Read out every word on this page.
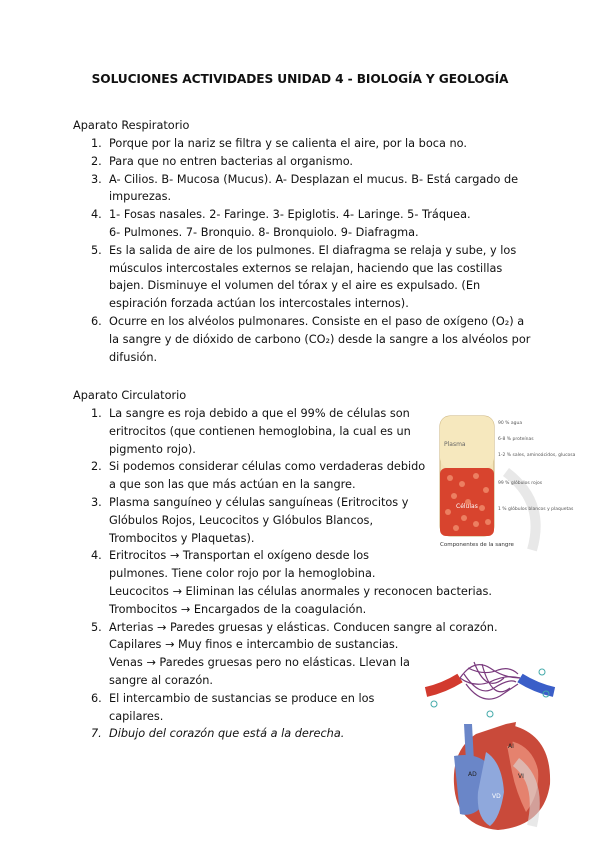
SOLUCIONES ACTIVIDADES UNIDAD 4 - BIOLOGÍA Y GEOLOGÍA
Aparato Respiratorio
1. Porque por la nariz se filtra y se calienta el aire, por la boca no.
2. Para que no entren bacterias al organismo.
3. A- Cilios. B- Mucosa (Mucus). A- Desplazan el mucus. B- Está cargado de
impurezas.
4. 1- Fosas nasales. 2- Faringe. 3- Epiglotis. 4- Laringe. 5- Tráquea.
6- Pulmones. 7- Bronquio. 8- Bronquiolo. 9- Diafragma.
5. Es la salida de aire de los pulmones. El diafragma se relaja y sube, y los
músculos intercostales externos se relajan, haciendo que las costillas
bajen. Disminuye el volumen del tórax y el aire es expulsado. (En
espiración forzada actúan los intercostales internos).
6. Ocurre en los alvéolos pulmonares. Consiste en el paso de oxígeno (O₂) a
la sangre y de dióxido de carbono (CO₂) desde la sangre a los alvéolos por
difusión.
Aparato Circulatorio
1. La sangre es roja debido a que el 99% de células son
eritrocitos (que contienen hemoglobina, la cual es un
pigmento rojo).
2. Si podemos considerar células como verdaderas debido
a que son las que más actúan en la sangre.
3. Plasma sanguíneo y células sanguíneas (Eritrocitos y
Glóbulos Rojos, Leucocitos y Glóbulos Blancos,
Trombocitos y Plaquetas).
4. Eritrocitos → Transportan el oxígeno desde los
pulmones. Tiene color rojo por la hemoglobina.
Leucocitos → Eliminan las células anormales y reconocen bacterias.
Trombocitos → Encargados de la coagulación.
5. Arterias → Paredes gruesas y elásticas. Conducen sangre al corazón.
Capilares → Muy finos e intercambio de sustancias.
Venas → Paredes gruesas pero no elásticas. Llevan la
sangre al corazón.
6. El intercambio de sustancias se produce en los
capilares.
7. Dibujo del corazón que está a la derecha.
Plasma
Células
Componentes de la sangre
90 % agua
6-8 % proteínas
1-2 % sales, aminoácidos, glucosa
99 % glóbulos rojos
1 % glóbulos blancos y plaquetas
AI
AD	VI
VD
